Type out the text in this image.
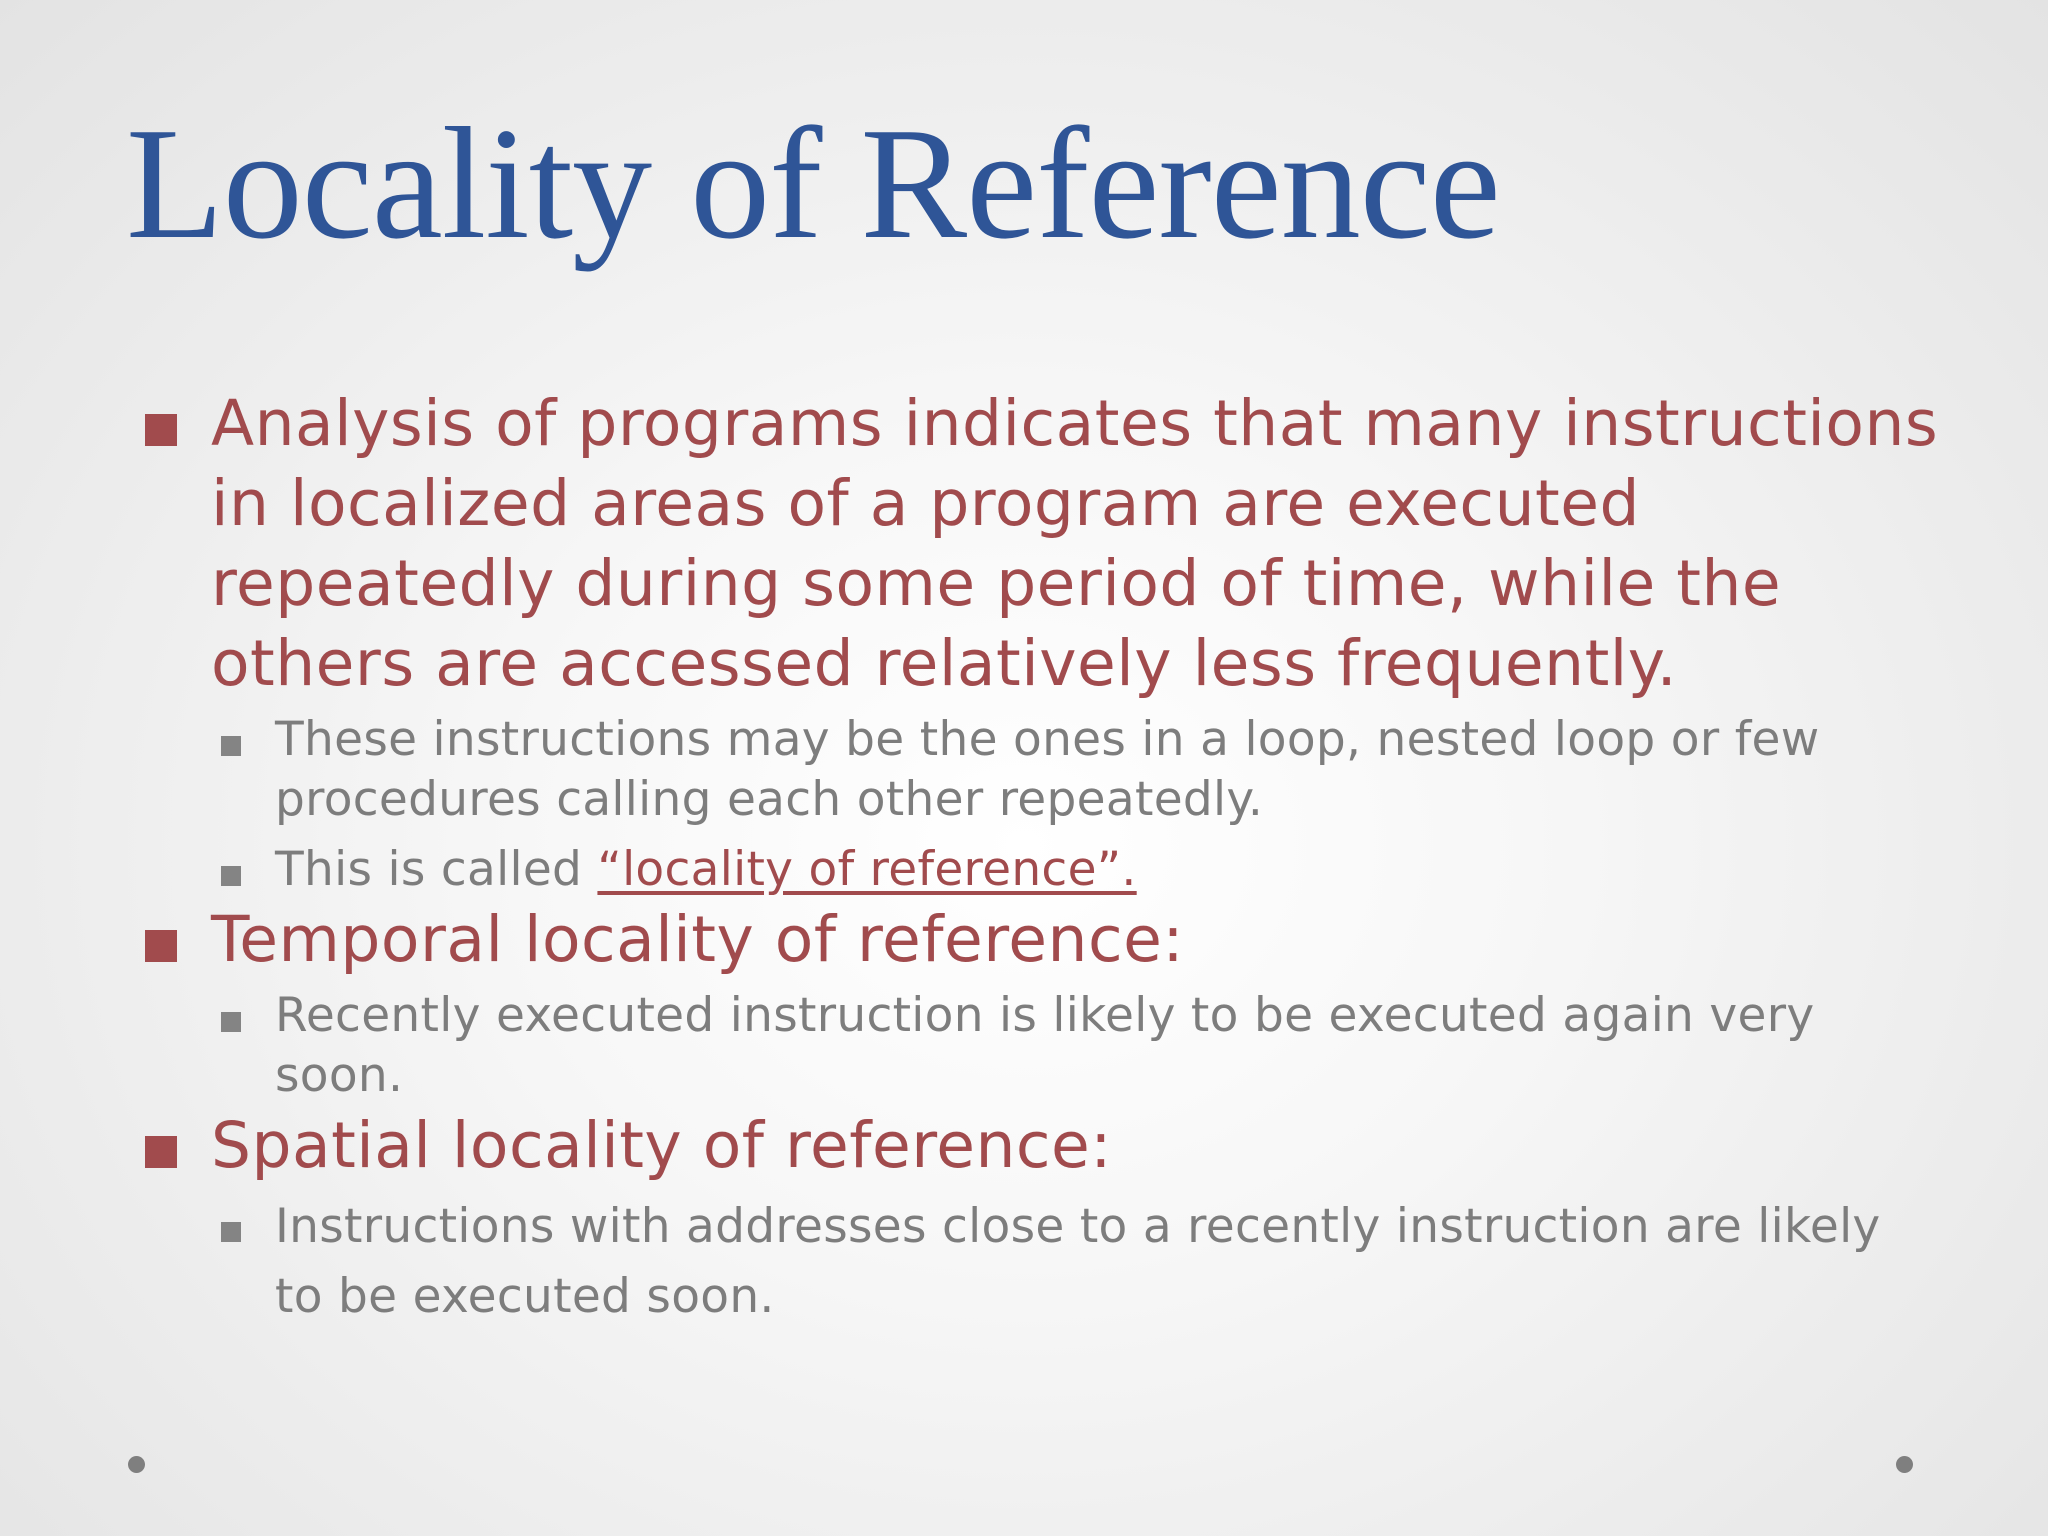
Locality of Reference
Analysis of programs indicates that many instructions in localized areas of a program are executed repeatedly during some period of time, while the others are accessed relatively less frequently.
These instructions may be the ones in a loop, nested loop or few procedures calling each other repeatedly.
This is called “locality of reference”.
Temporal locality of reference:
Recently executed instruction is likely to be executed again very soon.
Spatial locality of reference:
Instructions with addresses close to a recently instruction are likely to be executed soon.
